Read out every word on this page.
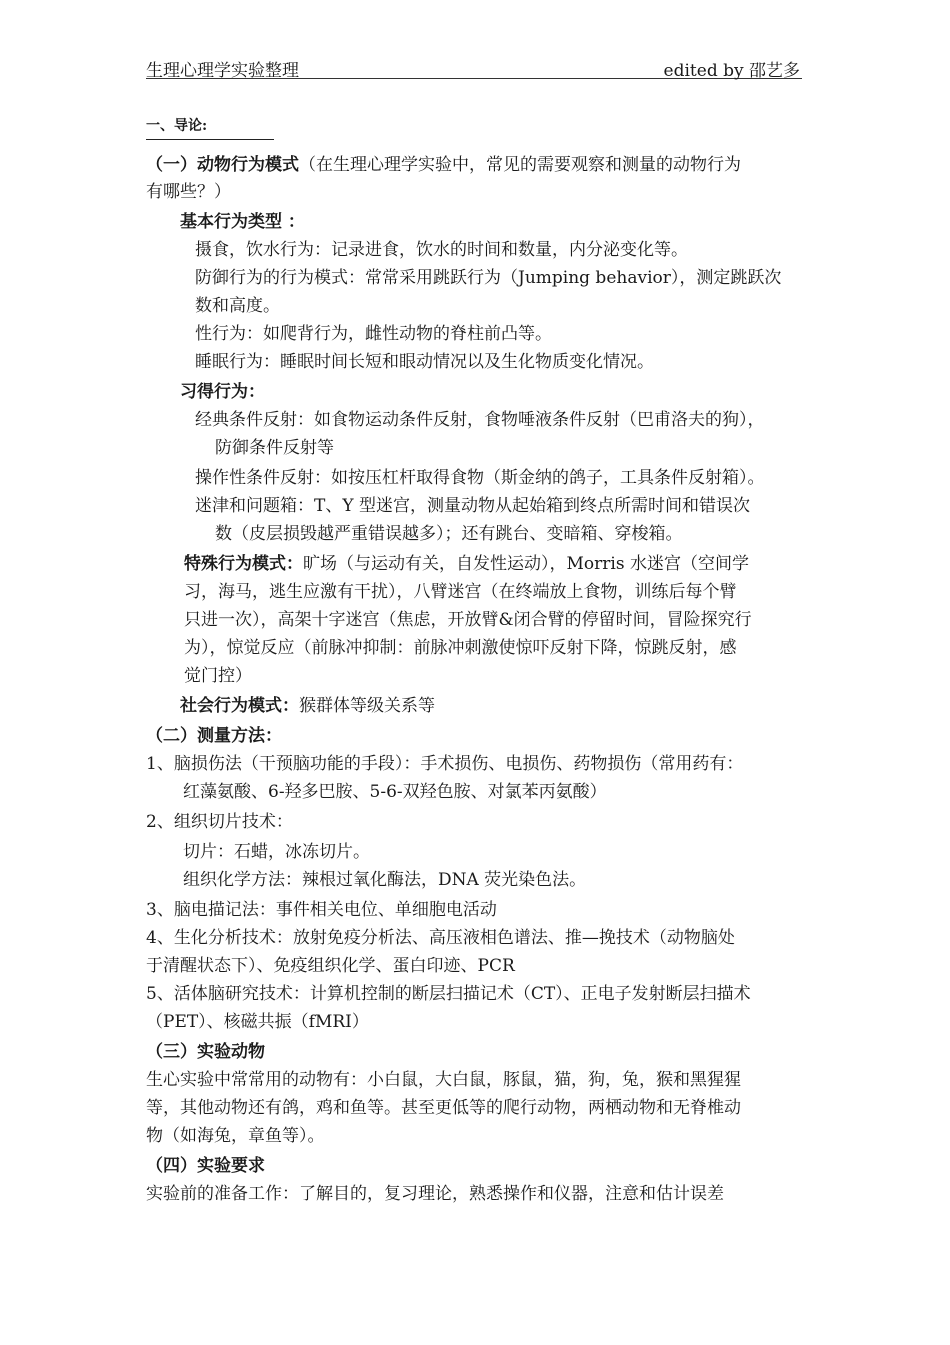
生理心理学实验整理	edited by 邵艺多
一、导论:
（一）动物行为模式（在生理心理学实验中，常见的需要观察和测量的动物行为
有哪些？）
基本行为类型 ：
摄食，饮水行为：记录进食，饮水的时间和数量，内分泌变化等。
防御行为的行为模式：常常采用跳跃行为（Jumping behavior），测定跳跃次
数和高度。
性行为：如爬背行为，雌性动物的脊柱前凸等。
睡眠行为：睡眠时间长短和眼动情况以及生化物质变化情况。
习得行为：
经典条件反射：如食物运动条件反射，食物唾液条件反射（巴甫洛夫的狗），
防御条件反射等
操作性条件反射：如按压杠杆取得食物（斯金纳的鸽子，工具条件反射箱）。
迷津和问题箱：T、Y 型迷宫，测量动物从起始箱到终点所需时间和错误次
数（皮层损毁越严重错误越多）；还有跳台、变暗箱、穿梭箱。
特殊行为模式：旷场（与运动有关，自发性运动），Morris 水迷宫（空间学
习，海马，逃生应激有干扰），八臂迷宫（在终端放上食物，训练后每个臂
只进一次），高架十字迷宫（焦虑，开放臂&闭合臂的停留时间，冒险探究行
为），惊觉反应（前脉冲抑制：前脉冲刺激使惊吓反射下降，惊跳反射，感
觉门控）
社会行为模式：猴群体等级关系等
（二）测量方法：
1、脑损伤法（干预脑功能的手段）：手术损伤、电损伤、药物损伤（常用药有：
红藻氨酸、6-羟多巴胺、5-6-双羟色胺、对氯苯丙氨酸）
2、组织切片技术：
切片：石蜡，冰冻切片。
组织化学方法：辣根过氧化酶法，DNA 荧光染色法。
3、脑电描记法：事件相关电位、单细胞电活动
4、生化分析技术：放射免疫分析法、高压液相色谱法、推—挽技术（动物脑处
于清醒状态下）、免疫组织化学、蛋白印迹、PCR
5、活体脑研究技术：计算机控制的断层扫描记术（CT）、正电子发射断层扫描术
（PET）、核磁共振（fMRI）
（三）实验动物
生心实验中常常用的动物有：小白鼠，大白鼠，豚鼠，猫，狗，兔，猴和黑猩猩
等，其他动物还有鸽，鸡和鱼等。甚至更低等的爬行动物，两栖动物和无脊椎动
物（如海兔，章鱼等）。
（四）实验要求
实验前的准备工作：了解目的，复习理论，熟悉操作和仪器，注意和估计误差
